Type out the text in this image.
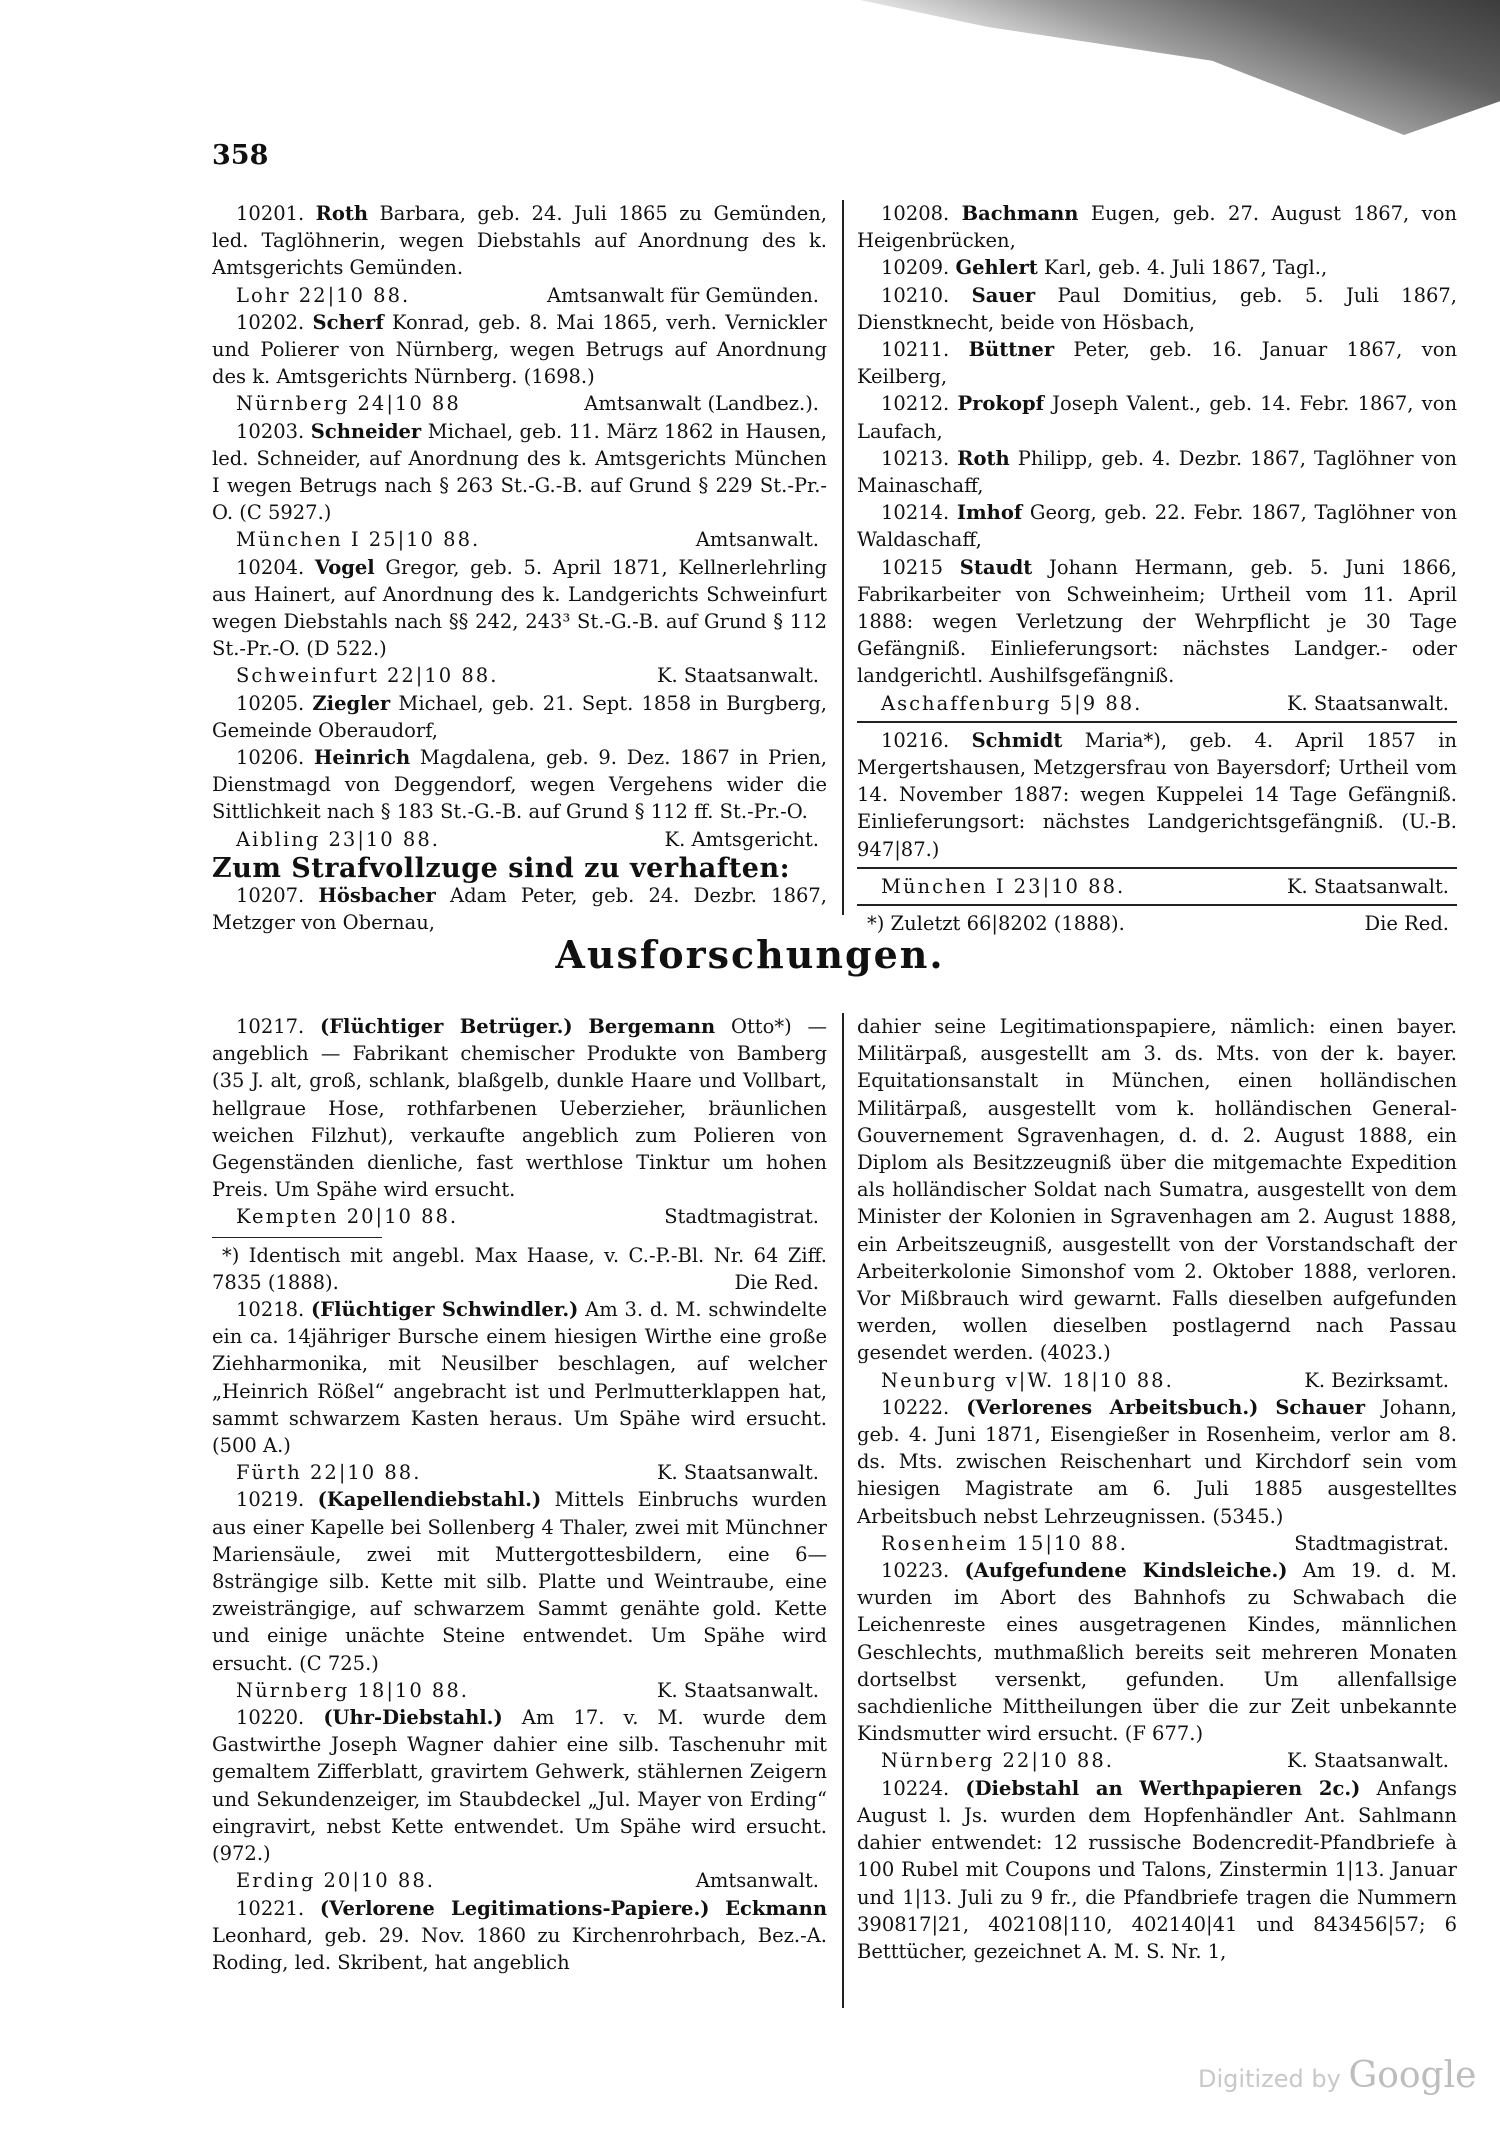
358

10201. Roth Barbara, geb. 24. Juli 1865 zu Gemünden, led. Taglöhnerin, wegen Diebstahls auf Anordnung des k. Amtsgerichts Gemünden.

Lohr 22|10 88.	Amtsanwalt für Gemünden.

10202. Scherf Konrad, geb. 8. Mai 1865, verh. Vernickler und Polierer von Nürnberg, wegen Betrugs auf Anordnung des k. Amtsgerichts Nürnberg. (1698.)

Nürnberg 24|10 88	Amtsanwalt (Landbez.).

10203. Schneider Michael, geb. 11. März 1862 in Hausen, led. Schneider, auf Anordnung des k. Amtsgerichts München I wegen Betrugs nach § 263 St.-G.-B. auf Grund § 229 St.-Pr.-O. (C 5927.)

München I 25|10 88.	Amtsanwalt.

10204. Vogel Gregor, geb. 5. April 1871, Kellnerlehrling aus Hainert, auf Anordnung des k. Landgerichts Schweinfurt wegen Diebstahls nach §§ 242, 243³ St.-G.-B. auf Grund § 112 St.-Pr.-O. (D 522.)

Schweinfurt 22|10 88.	K. Staatsanwalt.

10205. Ziegler Michael, geb. 21. Sept. 1858 in Burgberg, Gemeinde Oberaudorf,

10206. Heinrich Magdalena, geb. 9. Dez. 1867 in Prien, Dienstmagd von Deggendorf, wegen Vergehens wider die Sittlichkeit nach § 183 St.-G.-B. auf Grund § 112 ff. St.-Pr.-O.

Aibling 23|10 88.	K. Amtsgericht.

Zum Strafvollzuge sind zu verhaften:

10207. Hösbacher Adam Peter, geb. 24. Dezbr. 1867, Metzger von Obernau,

10208. Bachmann Eugen, geb. 27. August 1867, von Heigenbrücken,

10209. Gehlert Karl, geb. 4. Juli 1867, Tagl.,

10210. Sauer Paul Domitius, geb. 5. Juli 1867, Dienstknecht, beide von Hösbach,

10211. Büttner Peter, geb. 16. Januar 1867, von Keilberg,

10212. Prokopf Joseph Valent., geb. 14. Febr. 1867, von Laufach,

10213. Roth Philipp, geb. 4. Dezbr. 1867, Taglöhner von Mainaschaff,

10214. Imhof Georg, geb. 22. Febr. 1867, Taglöhner von Waldaschaff,

10215 Staudt Johann Hermann, geb. 5. Juni 1866, Fabrikarbeiter von Schweinheim; Urtheil vom 11. April 1888: wegen Verletzung der Wehrpflicht je 30 Tage Gefängniß. Einlieferungsort: nächstes Landger.- oder landgerichtl. Aushilfsgefängniß.

Aschaffenburg 5|9 88.	K. Staatsanwalt.

10216. Schmidt Maria*), geb. 4. April 1857 in Mergertshausen, Metzgersfrau von Bayersdorf; Urtheil vom 14. November 1887: wegen Kuppelei 14 Tage Gefängniß. Einlieferungsort: nächstes Landgerichtsgefängniß. (U.-B. 947|87.)

München I 23|10 88.	K. Staatsanwalt.

*) Zuletzt 66|8202 (1888).	Die Red.
Ausforschungen.

10217. (Flüchtiger Betrüger.) Bergemann Otto*) — angeblich — Fabrikant chemischer Produkte von Bamberg (35 J. alt, groß, schlank, blaßgelb, dunkle Haare und Vollbart, hellgraue Hose, rothfarbenen Ueberzieher, bräunlichen weichen Filzhut), verkaufte angeblich zum Polieren von Gegenständen dienliche, fast werthlose Tinktur um hohen Preis. Um Spähe wird ersucht.

Kempten 20|10 88.	Stadtmagistrat.

*) Identisch mit angebl. Max Haase, v. C.-P.-Bl. Nr. 64 Ziff. 7835 (1888).	Die Red.

10218. (Flüchtiger Schwindler.) Am 3. d. M. schwindelte ein ca. 14jähriger Bursche einem hiesigen Wirthe eine große Ziehharmonika, mit Neusilber beschlagen, auf welcher „Heinrich Rößel“ angebracht ist und Perlmutterklappen hat, sammt schwarzem Kasten heraus. Um Spähe wird ersucht. (500 A.)

Fürth 22|10 88.	K. Staatsanwalt.

10219. (Kapellendiebstahl.) Mittels Einbruchs wurden aus einer Kapelle bei Sollenberg 4 Thaler, zwei mit Münchner Mariensäule, zwei mit Muttergottesbildern, eine 6—8strängige silb. Kette mit silb. Platte und Weintraube, eine zweisträngige, auf schwarzem Sammt genähte gold. Kette und einige unächte Steine entwendet. Um Spähe wird ersucht. (C 725.)

Nürnberg 18|10 88.	K. Staatsanwalt.

10220. (Uhr-Diebstahl.) Am 17. v. M. wurde dem Gastwirthe Joseph Wagner dahier eine silb. Taschenuhr mit gemaltem Zifferblatt, gravirtem Gehwerk, stählernen Zeigern und Sekundenzeiger, im Staubdeckel „Jul. Mayer von Erding“ eingravirt, nebst Kette entwendet. Um Spähe wird ersucht. (972.)

Erding 20|10 88.	Amtsanwalt.

10221. (Verlorene Legitimations-Papiere.) Eckmann Leonhard, geb. 29. Nov. 1860 zu Kirchenrohrbach, Bez.-A. Roding, led. Skribent, hat angeblich

dahier seine Legitimationspapiere, nämlich: einen bayer. Militärpaß, ausgestellt am 3. ds. Mts. von der k. bayer. Equitationsanstalt in München, einen holländischen Militärpaß, ausgestellt vom k. holländischen General-Gouvernement Sgravenhagen, d. d. 2. August 1888, ein Diplom als Besitzzeugniß über die mitgemachte Expedition als holländischer Soldat nach Sumatra, ausgestellt von dem Minister der Kolonien in Sgravenhagen am 2. August 1888, ein Arbeitszeugniß, ausgestellt von der Vorstandschaft der Arbeiterkolonie Simonshof vom 2. Oktober 1888, verloren. Vor Mißbrauch wird gewarnt. Falls dieselben aufgefunden werden, wollen dieselben postlagernd nach Passau gesendet werden. (4023.)

Neunburg v|W. 18|10 88.	K. Bezirksamt.

10222. (Verlorenes Arbeitsbuch.) Schauer Johann, geb. 4. Juni 1871, Eisengießer in Rosenheim, verlor am 8. ds. Mts. zwischen Reischenhart und Kirchdorf sein vom hiesigen Magistrate am 6. Juli 1885 ausgestelltes Arbeitsbuch nebst Lehrzeugnissen. (5345.)

Rosenheim 15|10 88.	Stadtmagistrat.

10223. (Aufgefundene Kindsleiche.) Am 19. d. M. wurden im Abort des Bahnhofs zu Schwabach die Leichenreste eines ausgetragenen Kindes, männlichen Geschlechts, muthmaßlich bereits seit mehreren Monaten dortselbst versenkt, gefunden. Um allenfallsige sachdienliche Mittheilungen über die zur Zeit unbekannte Kindsmutter wird ersucht. (F 677.)

Nürnberg 22|10 88.	K. Staatsanwalt.

10224. (Diebstahl an Werthpapieren 2c.) Anfangs August l. Js. wurden dem Hopfenhändler Ant. Sahlmann dahier entwendet: 12 russische Bodencredit-Pfandbriefe à 100 Rubel mit Coupons und Talons, Zinstermin 1|13. Januar und 1|13. Juli zu 9 fr., die Pfandbriefe tragen die Nummern 390817|21, 402108|110, 402140|41 und 843456|57; 6 Betttücher, gezeichnet A. M. S. Nr. 1,

Digitized by Google
